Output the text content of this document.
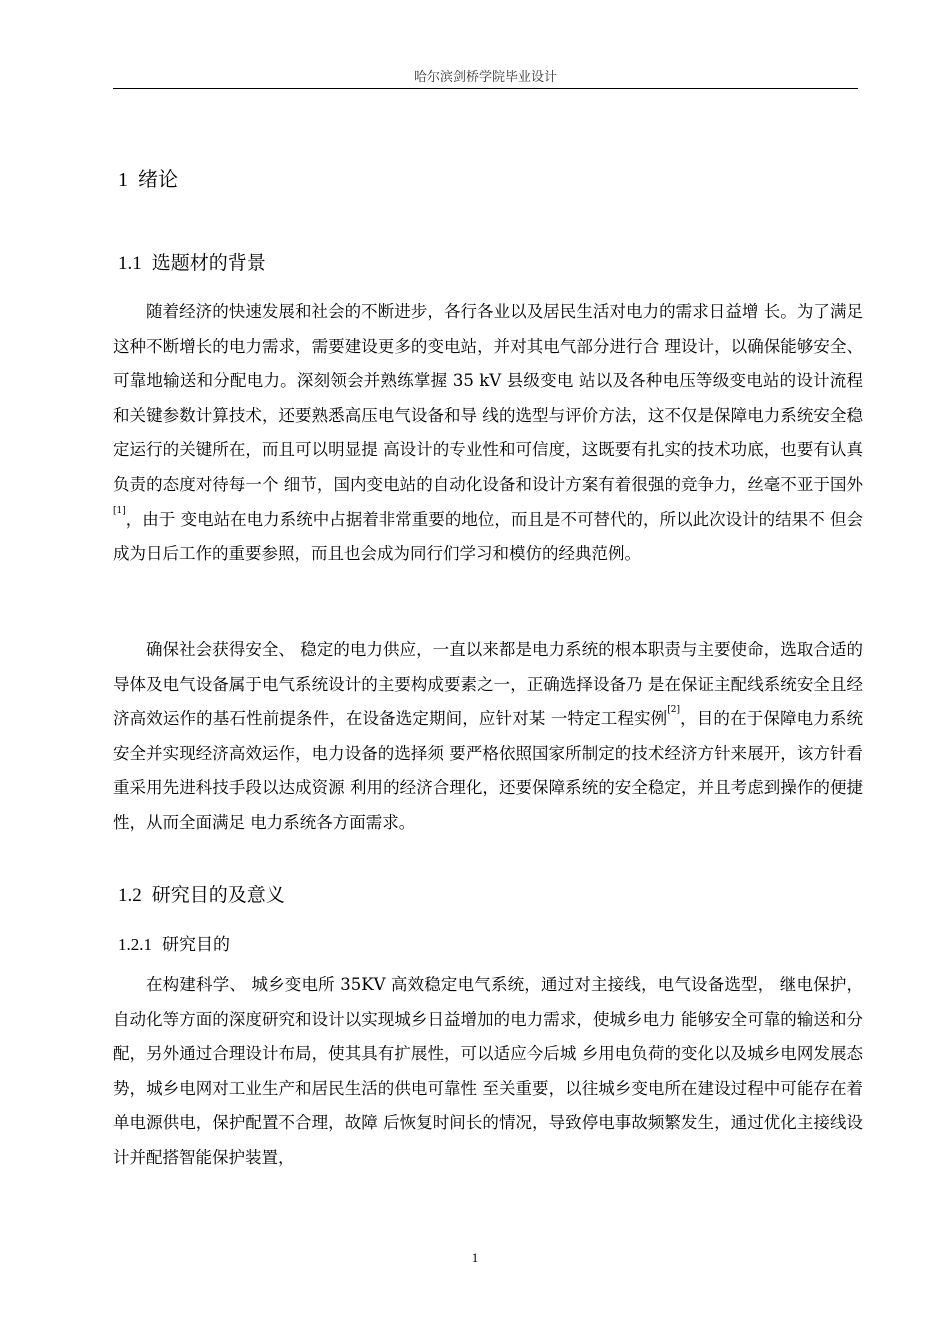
哈尔滨剑桥学院毕业设计
1 绪论
1.1 选题材的背景

随着经济的快速发展和社会的不断进步，各行各业以及居民生活对电力的需求日益增 长。为了满足这种不断增长的电力需求，需要建设更多的变电站，并对其电气部分进行合 理设计，以确保能够安全、可靠地输送和分配电力。深刻领会并熟练掌握 35 kV 县级变电 站以及各种电压等级变电站的设计流程和关键参数计算技术，还要熟悉高压电气设备和导 线的选型与评价方法，这不仅是保障电力系统安全稳定运行的关键所在，而且可以明显提 高设计的专业性和可信度，这既要有扎实的技术功底，也要有认真负责的态度对待每一个 细节，国内变电站的自动化设备和设计方案有着很强的竞争力，丝毫不亚于国外[1]，由于 变电站在电力系统中占据着非常重要的地位，而且是不可替代的，所以此次设计的结果不 但会成为日后工作的重要参照，而且也会成为同行们学习和模仿的经典范例。

确保社会获得安全、 稳定的电力供应，一直以来都是电力系统的根本职责与主要使命，选取合适的导体及电气设备属于电气系统设计的主要构成要素之一，正确选择设备乃 是在保证主配线系统安全且经济高效运作的基石性前提条件，在设备选定期间，应针对某 一特定工程实例[2]，目的在于保障电力系统安全并实现经济高效运作，电力设备的选择须 要严格依照国家所制定的技术经济方针来展开，该方针看重采用先进科技手段以达成资源 利用的经济合理化，还要保障系统的安全稳定，并且考虑到操作的便捷性，从而全面满足 电力系统各方面需求。

1.2 研究目的及意义
1.2.1 研究目的

在构建科学、 城乡变电所 35KV 高效稳定电气系统，通过对主接线，电气设备选型， 继电保护，自动化等方面的深度研究和设计以实现城乡日益增加的电力需求，使城乡电力 能够安全可靠的输送和分配，另外通过合理设计布局，使其具有扩展性，可以适应今后城 乡用电负荷的变化以及城乡电网发展态势，城乡电网对工业生产和居民生活的供电可靠性 至关重要，以往城乡变电所在建设过程中可能存在着单电源供电，保护配置不合理，故障 后恢复时间长的情况，导致停电事故频繁发生，通过优化主接线设计并配搭智能保护装置，

1
